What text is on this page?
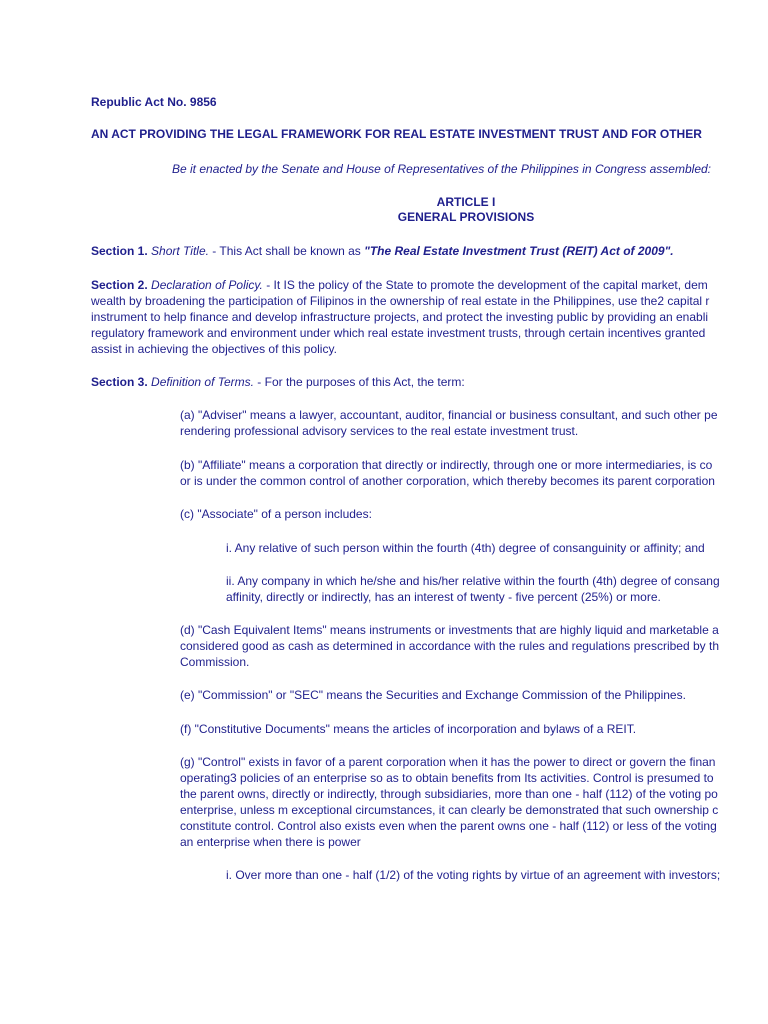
Republic Act No. 9856
AN ACT PROVIDING THE LEGAL FRAMEWORK FOR REAL ESTATE INVESTMENT TRUST AND FOR OTHER
Be it enacted by the Senate and House of Representatives of the Philippines in Congress assembled:
ARTICLE I
GENERAL PROVISIONS
Section 1. Short Title. - This Act shall be known as "The Real Estate Investment Trust (REIT) Act of 2009".
Section 2. Declaration of Policy. - It IS the policy of the State to promote the development of the capital market, dem
wealth by broadening the participation of Filipinos in the ownership of real estate in the Philippines, use the2 capital r
instrument to help finance and develop infrastructure projects, and protect the investing public by providing an enabli
regulatory framework and environment under which real estate investment trusts, through certain incentives granted
assist in achieving the objectives of this policy.
Section 3. Definition of Terms. - For the purposes of this Act, the term:
(a) "Adviser" means a lawyer, accountant, auditor, financial or business consultant, and such other pe
rendering professional advisory services to the real estate investment trust.
(b) "Affiliate" means a corporation that directly or indirectly, through one or more intermediaries, is co
or is under the common control of another corporation, which thereby becomes its parent corporation
(c) "Associate" of a person includes:
i. Any relative of such person within the fourth (4th) degree of consanguinity or affinity; and
ii. Any company in which he/she and his/her relative within the fourth (4th) degree of consang
affinity, directly or indirectly, has an interest of twenty - five percent (25%) or more.
(d) "Cash Equivalent Items" means instruments or investments that are highly liquid and marketable a
considered good as cash as determined in accordance with the rules and regulations prescribed by th
Commission.
(e) "Commission" or "SEC" means the Securities and Exchange Commission of the Philippines.
(f) "Constitutive Documents" means the articles of incorporation and bylaws of a REIT.
(g) "Control" exists in favor of a parent corporation when it has the power to direct or govern the finan
operating3 policies of an enterprise so as to obtain benefits from Its activities. Control is presumed to
the parent owns, directly or indirectly, through subsidiaries, more than one - half (112) of the voting po
enterprise, unless m exceptional circumstances, it can clearly be demonstrated that such ownership c
constitute control. Control also exists even when the parent owns one - half (112) or less of the voting
an enterprise when there is power
i. Over more than one - half (1/2) of the voting rights by virtue of an agreement with investors;
